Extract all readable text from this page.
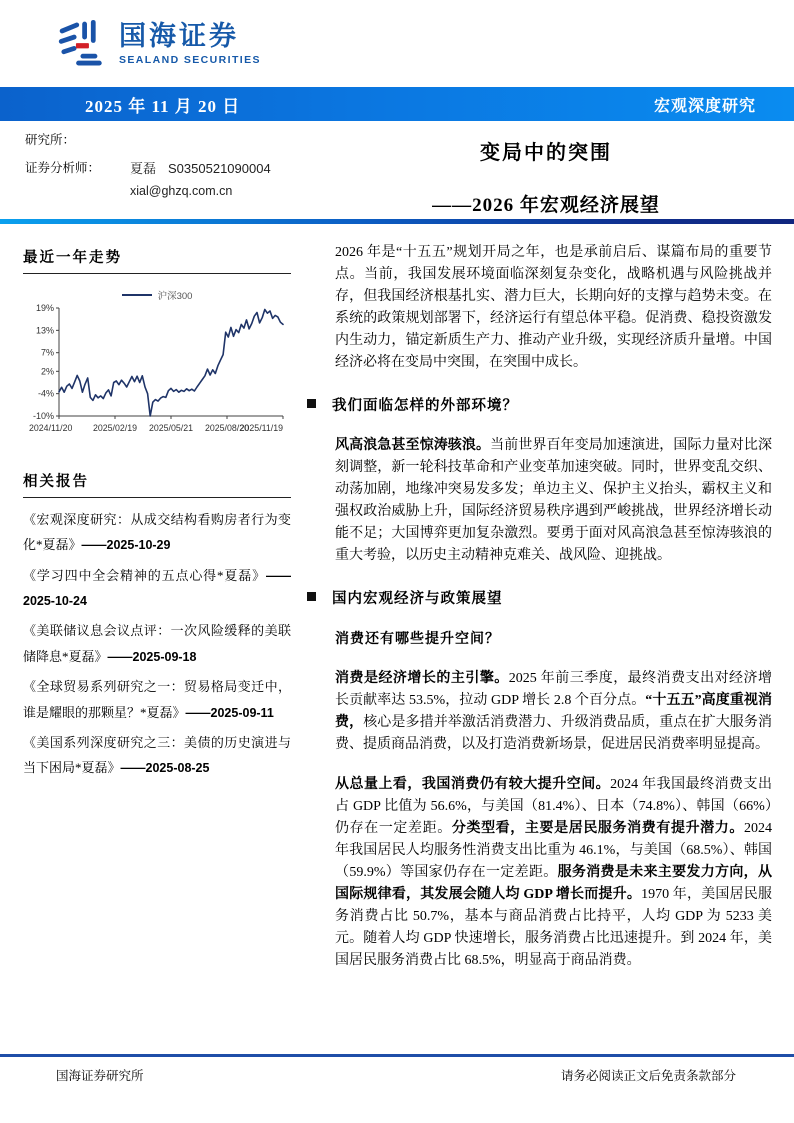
国海证券
SEALAND SECURITIES
2025 年 11 月 20 日	宏观深度研究
研究所：
证券分析师：	夏磊 S0350521090004
xial@ghzq.com.cn
变局中的突围
——2026 年宏观经济展望
最近一年走势
沪深300
19%
13%
7%
2%
-4%
-10%
2024/11/20 2025/02/19 2025/05/21 2025/08/20
2025/11/19
相关报告
《宏观深度研究：从成交结构看购房者行为变化*夏磊》——2025-10-29
《学习四中全会精神的五点心得*夏磊》——2025-10-24
《美联储议息会议点评：一次风险缓释的美联储降息*夏磊》——2025-09-18
《全球贸易系列研究之一：贸易格局变迁中，谁是耀眼的那颗星？*夏磊》——2025-09-11
《美国系列深度研究之三：美债的历史演进与当下困局*夏磊》——2025-08-25

2026 年是“十五五”规划开局之年，也是承前启后、谋篇布局的重要节点。当前，我国发展环境面临深刻复杂变化，战略机遇与风险挑战并存，但我国经济根基扎实、潜力巨大，长期向好的支撑与趋势未变。在系统的政策规划部署下，经济运行有望总体平稳。促消费、稳投资激发内生动力，锚定新质生产力、推动产业升级，实现经济质升量增。中国经济必将在变局中突围，在突围中成长。

我们面临怎样的外部环境？

风高浪急甚至惊涛骇浪。当前世界百年变局加速演进，国际力量对比深刻调整，新一轮科技革命和产业变革加速突破。同时，世界变乱交织、动荡加剧，地缘冲突易发多发；单边主义、保护主义抬头，霸权主义和强权政治威胁上升，国际经济贸易秩序遇到严峻挑战，世界经济增长动能不足；大国博弈更加复杂激烈。要勇于面对风高浪急甚至惊涛骇浪的重大考验，以历史主动精神克难关、战风险、迎挑战。

国内宏观经济与政策展望
消费还有哪些提升空间？

消费是经济增长的主引擎。2025 年前三季度，最终消费支出对经济增长贡献率达 53.5%，拉动 GDP 增长 2.8 个百分点。“十五五”高度重视消费，核心是多措并举激活消费潜力、升级消费品质，重点在扩大服务消费、提质商品消费，以及打造消费新场景，促进居民消费率明显提高。

从总量上看，我国消费仍有较大提升空间。2024 年我国最终消费支出占 GDP 比值为 56.6%，与美国（81.4%）、日本（74.8%）、韩国（66%）仍存在一定差距。分类型看，主要是居民服务消费有提升潜力。2024 年我国居民人均服务性消费支出比重为 46.1%，与美国（68.5%）、韩国（59.9%）等国家仍存在一定差距。服务消费是未来主要发力方向，从国际规律看，其发展会随人均 GDP 增长而提升。1970 年，美国居民服务消费占比 50.7%，基本与商品消费占比持平，人均 GDP 为 5233 美元。随着人均 GDP 快速增长，服务消费占比迅速提升。到 2024 年，美国居民服务消费占比 68.5%，明显高于商品消费。

国海证券研究所	请务必阅读正文后免责条款部分
